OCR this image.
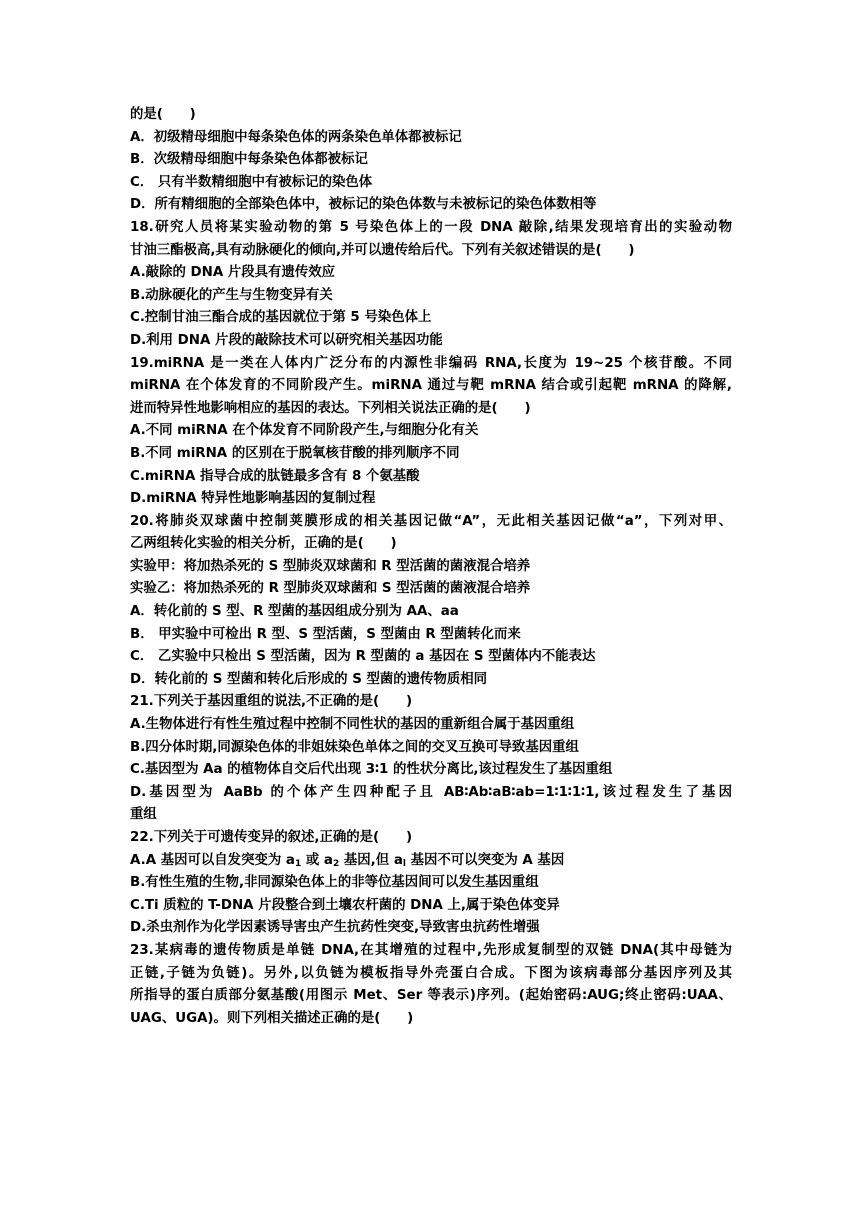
的是(　　)
A．初级精母细胞中每条染色体的两条染色单体都被标记
B．次级精母细胞中每条染色体都被标记
C． 只有半数精细胞中有被标记的染色体
D．所有精细胞的全部染色体中，被标记的染色体数与未被标记的染色体数相等
18.研究人员将某实验动物的第 5 号染色体上的一段 DNA 敲除,结果发现培育出的实验动物
甘油三酯极高,具有动脉硬化的倾向,并可以遗传给后代。下列有关叙述错误的是(　　)
A.敲除的 DNA 片段具有遗传效应
B.动脉硬化的产生与生物变异有关
C.控制甘油三酯合成的基因就位于第 5 号染色体上
D.利用 DNA 片段的敲除技术可以研究相关基因功能
19.miRNA 是一类在人体内广泛分布的内源性非编码 RNA,长度为 19~25 个核苷酸。不同
miRNA 在个体发育的不同阶段产生。miRNA 通过与靶 mRNA 结合或引起靶 mRNA 的降解,
进而特异性地影响相应的基因的表达。下列相关说法正确的是(　　)
A.不同 miRNA 在个体发育不同阶段产生,与细胞分化有关
B.不同 miRNA 的区别在于脱氧核苷酸的排列顺序不同
C.miRNA 指导合成的肽链最多含有 8 个氨基酸
D.miRNA 特异性地影响基因的复制过程
20.将肺炎双球菌中控制荚膜形成的相关基因记做“A”，无此相关基因记做“a”，下列对甲、
乙两组转化实验的相关分析，正确的是(　　)
实验甲：将加热杀死的 S 型肺炎双球菌和 R 型活菌的菌液混合培养
实验乙：将加热杀死的 R 型肺炎双球菌和 S 型活菌的菌液混合培养
A．转化前的 S 型、R 型菌的基因组成分别为 AA、aa
B． 甲实验中可检出 R 型、S 型活菌，S 型菌由 R 型菌转化而来
C． 乙实验中只检出 S 型活菌，因为 R 型菌的 a 基因在 S 型菌体内不能表达
D．转化前的 S 型菌和转化后形成的 S 型菌的遗传物质相同
21.下列关于基因重组的说法,不正确的是(　　)
A.生物体进行有性生殖过程中控制不同性状的基因的重新组合属于基因重组
B.四分体时期,同源染色体的非姐妹染色单体之间的交叉互换可导致基因重组
C.基因型为 Aa 的植物体自交后代出现 3∶1 的性状分离比,该过程发生了基因重组
D.基因型为 AaBb 的个体产生四种配子且 AB∶Ab∶aB∶ab=1∶1∶1∶1,该过程发生了基因
重组
22.下列关于可遗传变异的叙述,正确的是(　　)
A.A 基因可以自发突变为 $a_1$ 或 $a_2$ 基因,但 $a_l$ 基因不可以突变为 A 基因
B.有性生殖的生物,非同源染色体上的非等位基因间可以发生基因重组
C.Ti 质粒的 T-DNA 片段整合到土壤农杆菌的 DNA 上,属于染色体变异
D.杀虫剂作为化学因素诱导害虫产生抗药性突变,导致害虫抗药性增强
23.某病毒的遗传物质是单链 DNA,在其增殖的过程中,先形成复制型的双链 DNA(其中母链为
正链,子链为负链)。另外,以负链为模板指导外壳蛋白合成。下图为该病毒部分基因序列及其
所指导的蛋白质部分氨基酸(用图示 Met、Ser 等表示)序列。(起始密码:AUG;终止密码:UAA、
UAG、UGA)。则下列相关描述正确的是(　　)
